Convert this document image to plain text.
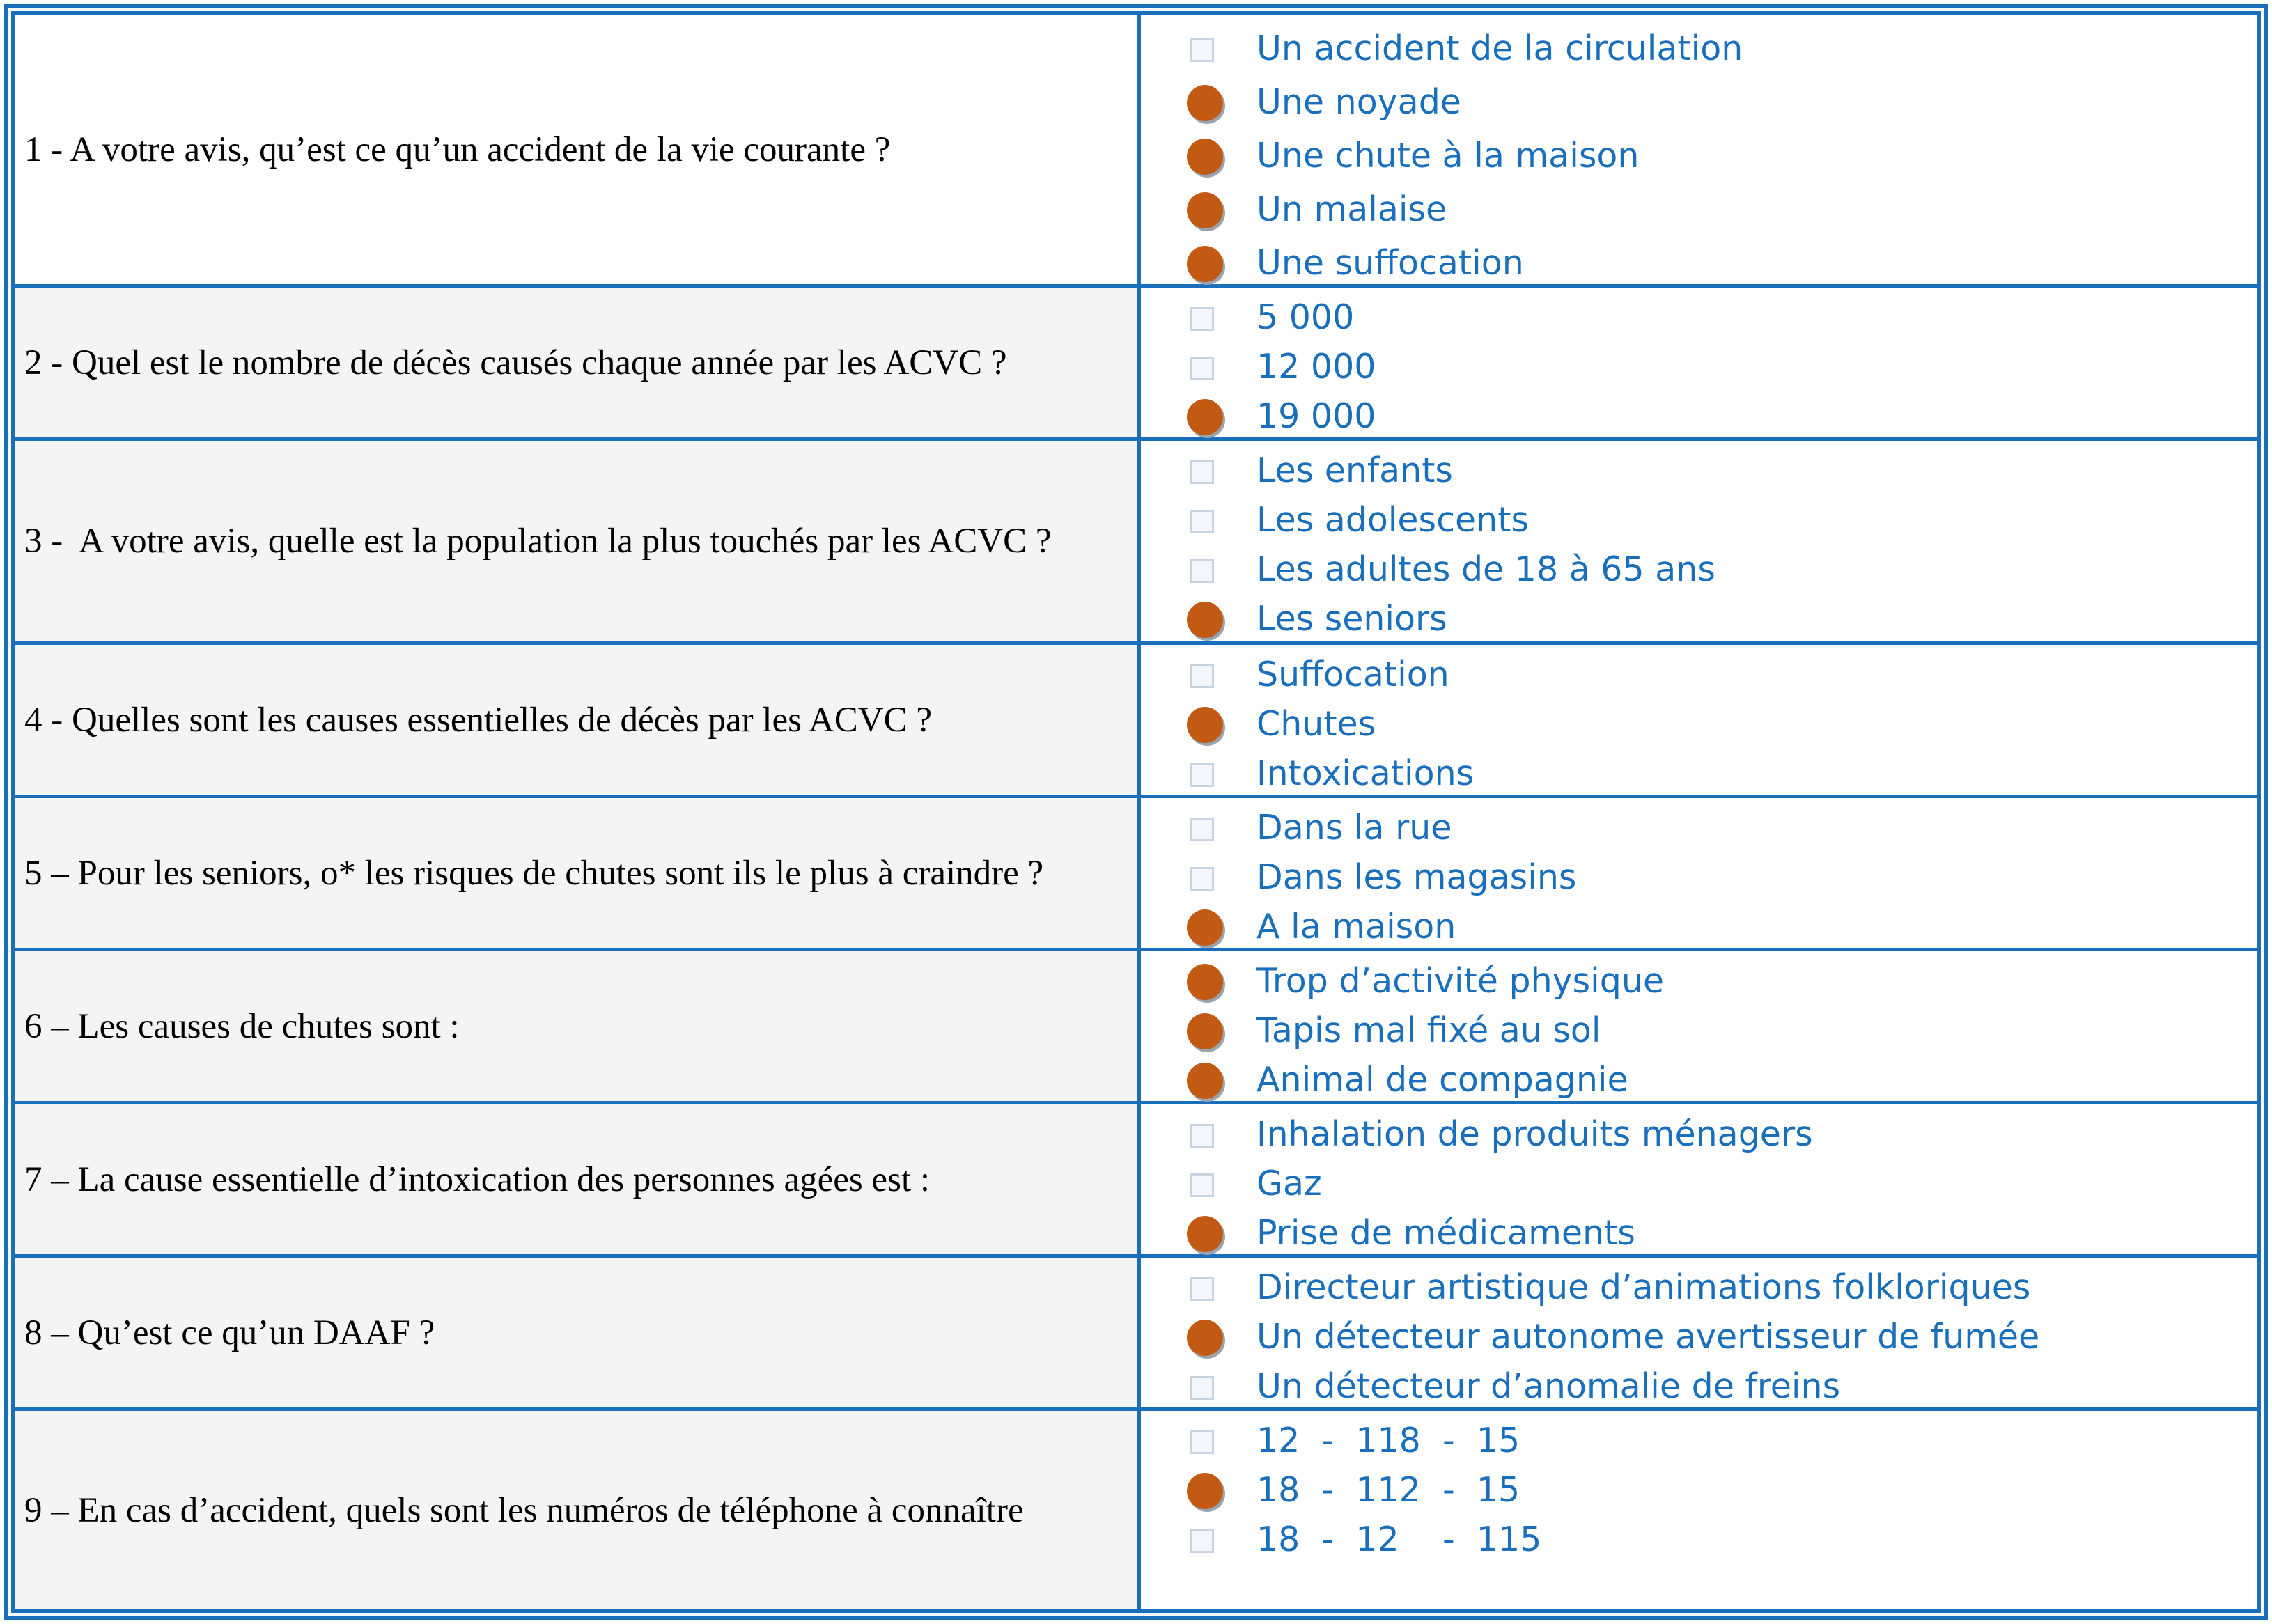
1 - A votre avis, qu’est ce qu’un accident de la vie courante ?
Un accident de la circulation
Une noyade
Une chute à la maison
Un malaise
Une suffocation
2 - Quel est le nombre de décès causés chaque année par les ACVC ?
5 000
12 000
19 000
3 -  A votre avis, quelle est la population la plus touchés par les ACVC ?
Les enfants
Les adolescents
Les adultes de 18 à 65 ans
Les seniors
4 - Quelles sont les causes essentielles de décès par les ACVC ?
Suffocation
Chutes
Intoxications
5 – Pour les seniors, o* les risques de chutes sont ils le plus à craindre ?
Dans la rue
Dans les magasins
A la maison
6 – Les causes de chutes sont :
Trop d’activité physique
Tapis mal fixé au sol
Animal de compagnie
7 – La cause essentielle d’intoxication des personnes agées est :
Inhalation de produits ménagers
Gaz
Prise de médicaments
8 – Qu’est ce qu’un DAAF ?
Directeur artistique d’animations folkloriques
Un détecteur autonome avertisseur de fumée
Un détecteur d’anomalie de freins
9 – En cas d’accident, quels sont les numéros de téléphone à connaître
12  -  118  -  15
18  -  112  -  15
18  -  12    -  115
